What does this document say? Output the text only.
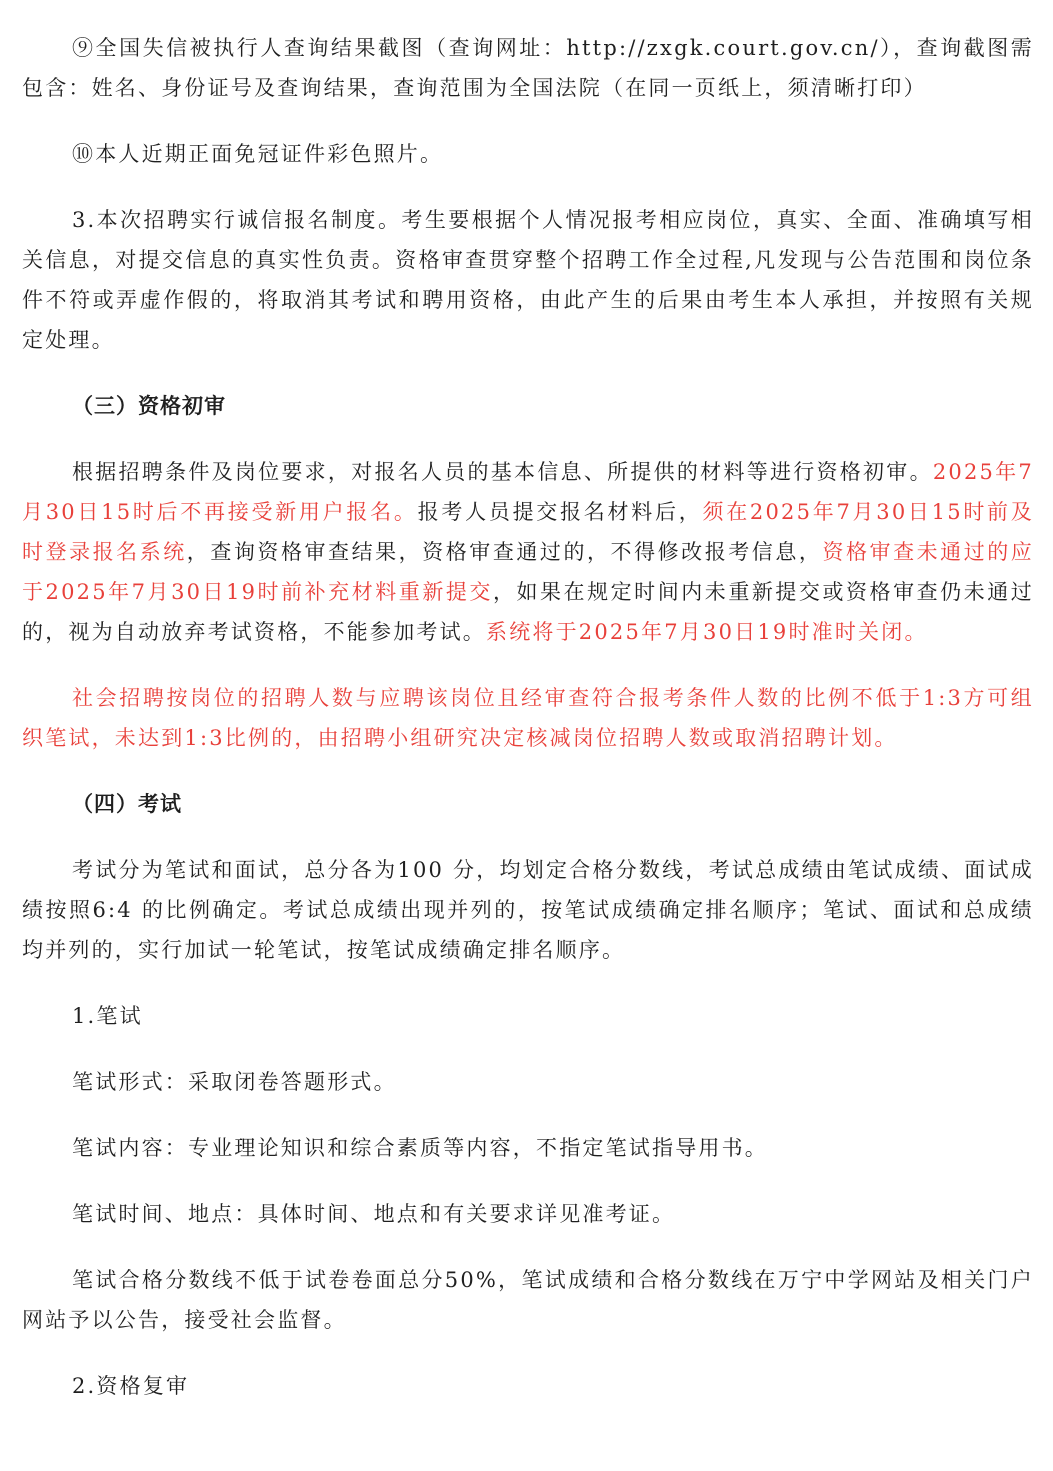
⑨全国失信被执行人查询结果截图（查询网址：http://zxgk.court.gov.cn/），查询截图需包含：姓名、身份证号及查询结果，查询范围为全国法院（在同一页纸上，须清晰打印）

⑩本人近期正面免冠证件彩色照片。

3.本次招聘实行诚信报名制度。考生要根据个人情况报考相应岗位，真实、全面、准确填写相关信息，对提交信息的真实性负责。资格审查贯穿整个招聘工作全过程,凡发现与公告范围和岗位条件不符或弄虚作假的，将取消其考试和聘用资格，由此产生的后果由考生本人承担，并按照有关规定处理。

（三）资格初审

根据招聘条件及岗位要求，对报名人员的基本信息、所提供的材料等进行资格初审。2025年7月30日15时后不再接受新用户报名。报考人员提交报名材料后，须在2025年7月30日15时前及时登录报名系统，查询资格审查结果，资格审查通过的，不得修改报考信息，资格审查未通过的应于2025年7月30日19时前补充材料重新提交，如果在规定时间内未重新提交或资格审查仍未通过的，视为自动放弃考试资格，不能参加考试。系统将于2025年7月30日19时准时关闭。

社会招聘按岗位的招聘人数与应聘该岗位且经审查符合报考条件人数的比例不低于1:3方可组织笔试，未达到1:3比例的，由招聘小组研究决定核减岗位招聘人数或取消招聘计划。

（四）考试

考试分为笔试和面试，总分各为100 分，均划定合格分数线，考试总成绩由笔试成绩、面试成绩按照6:4 的比例确定。考试总成绩出现并列的，按笔试成绩确定排名顺序；笔试、面试和总成绩均并列的，实行加试一轮笔试，按笔试成绩确定排名顺序。

1.笔试

笔试形式：采取闭卷答题形式。

笔试内容：专业理论知识和综合素质等内容，不指定笔试指导用书。

笔试时间、地点：具体时间、地点和有关要求详见准考证。

笔试合格分数线不低于试卷卷面总分50%，笔试成绩和合格分数线在万宁中学网站及相关门户网站予以公告，接受社会监督。

2.资格复审
